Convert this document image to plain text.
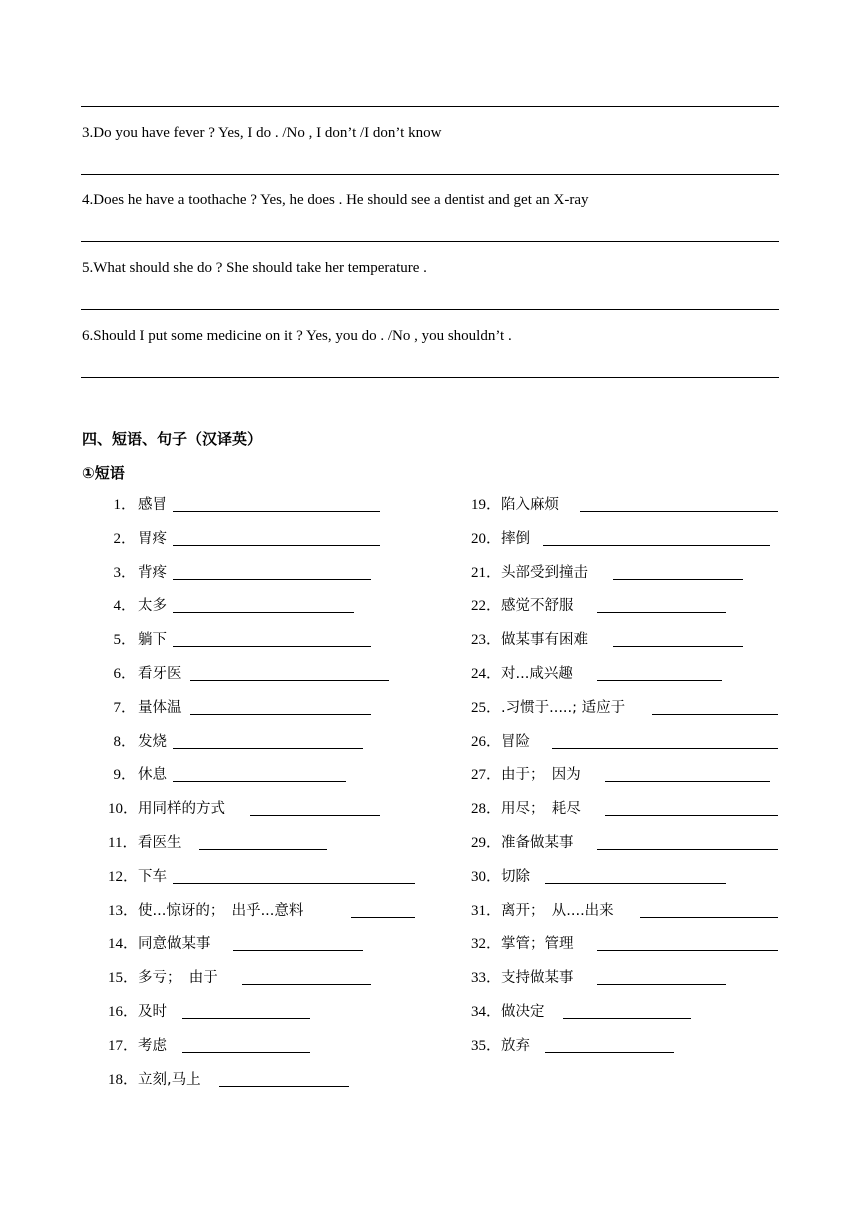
3.Do you have fever ? Yes, I do . /No , I don’t /I don’t know
4.Does he have a toothache ? Yes, he does . He should see a dentist and get an X-ray
5.What should she do ? She should take her temperature .
6.Should I put some medicine on it ? Yes, you do . /No , you shouldn’t .
四、短语、句子（汉译英）
①短语
1． 感冒
2． 胃疼
3． 背疼
4． 太多
5． 躺下
6． 看牙医
7． 量体温
8． 发烧
9． 休息
10． 用同样的方式
11． 看医生
12． 下车
13． 使...惊讶的；　出乎...意料
14． 同意做某事
15． 多亏；　由于
16． 及时
17． 考虑
18． 立刻,马上
19． 陷入麻烦
20． 摔倒
21． 头部受到撞击
22． 感觉不舒服
23． 做某事有困难
24． 对...咸兴趣
25． .习惯于.....; 适应于
26． 冒险
27． 由于；　因为
28． 用尽；　耗尽
29． 准备做某事
30． 切除
31． 离开；　从....出来
32． 掌管；管理
33． 支持做某事
34． 做决定
35． 放弃
